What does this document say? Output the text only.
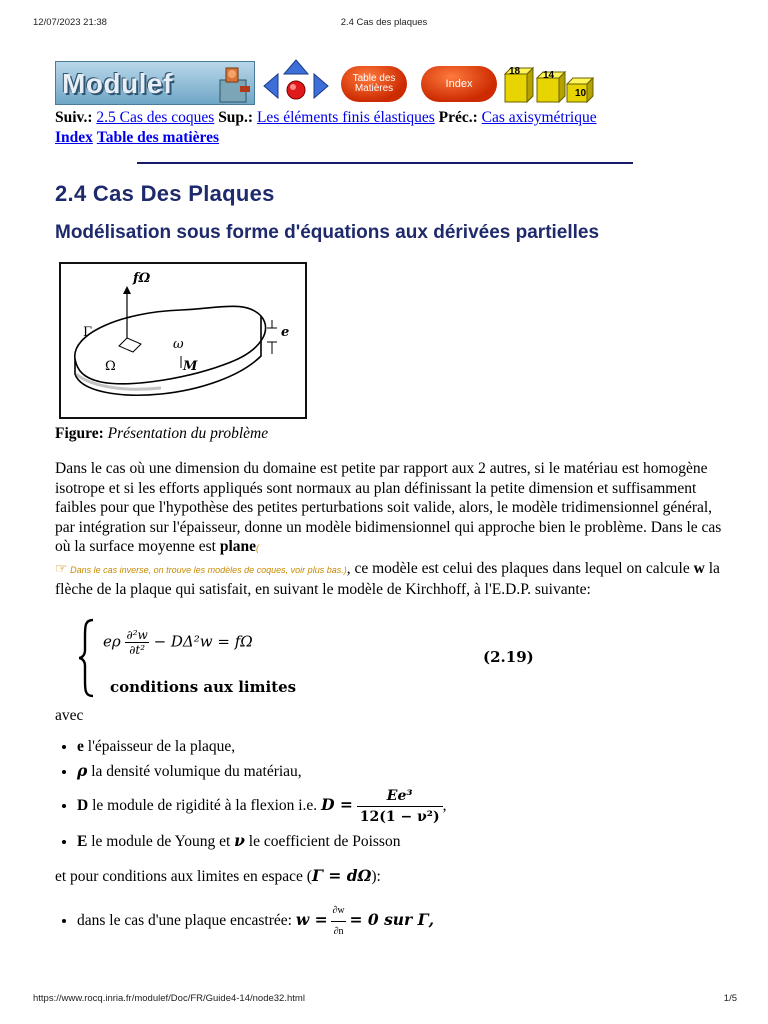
12/07/2023 21:38	2.4 Cas des plaques
Modulef	Table des Matières	Index
18 14
10
Suiv.: 2.5 Cas des coques Sup.: Les éléments finis élastiques Préc.: Cas axisymétrique
Index Table des matières
2.4 Cas Des Plaques
Modélisation sous forme d'équations aux dérivées partielles
fΩ
Γ
Ω
ω
M
e
Figure: Présentation du problème

Dans le cas où une dimension du domaine est petite par rapport aux 2 autres, si le matériau est homogène isotrope et si les efforts appliqués sont normaux au plan définissant la petite dimension et suffisamment faibles pour que l'hypothèse des petites perturbations soit valide, alors, le modèle tridimensionnel général, par intégration sur l'épaisseur, donne un modèle bidimensionnel qui approche bien le problème. Dans le cas où la surface moyenne est plane(
☞ Dans le cas inverse, on trouve les modèles de coques, voir plus bas.), ce modèle est celui des plaques dans lequel on calcule w la flèche de la plaque qui satisfait, en suivant le modèle de Kirchhoff, à l'E.D.P. suivante:

eρ $\frac{\text{∂²w}}{\text{∂t²}} - D\Delta^2w = f\Omega$
conditions aux limites
(2.19)

avec

• e l'épaisseur de la plaque,
• ρ la densité volumique du matériau,
• D le module de rigidité à la flexion i.e. $D = \frac{\text{Ee³}}{\text{12(1 − ν²)}}$ ,
• E le module de Young et ν le coefficient de Poisson

et pour conditions aux limites en espace (Γ = dΩ):

• dans le cas d'une plaque encastrée: $w = \frac{\partial w}{\partial n} = 0$ sur Γ,
https://www.rocq.inria.fr/modulef/Doc/FR/Guide4-14/node32.html	1/5
